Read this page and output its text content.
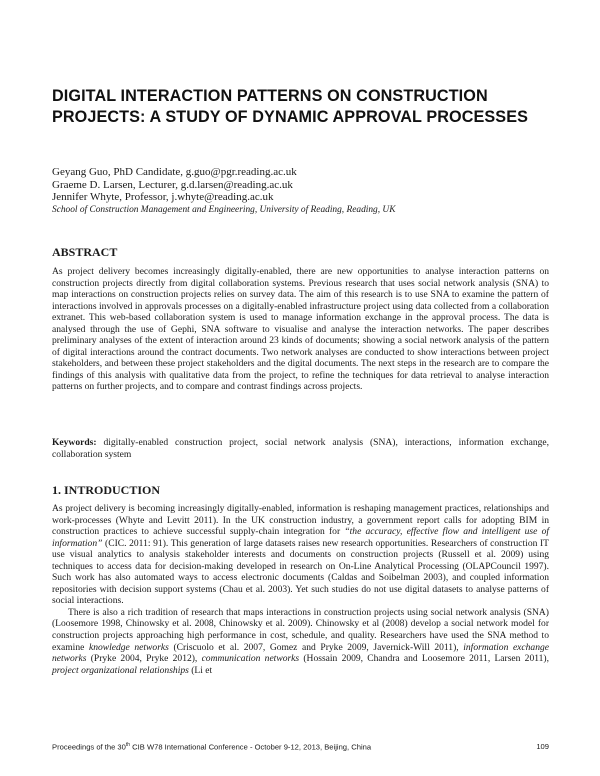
DIGITAL INTERACTION PATTERNS ON CONSTRUCTION PROJECTS: A STUDY OF DYNAMIC APPROVAL PROCESSES
Geyang Guo, PhD Candidate, g.guo@pgr.reading.ac.uk
Graeme D. Larsen, Lecturer, g.d.larsen@reading.ac.uk
Jennifer Whyte, Professor, j.whyte@reading.ac.uk
School of Construction Management and Engineering, University of Reading, Reading, UK
ABSTRACT

As project delivery becomes increasingly digitally-enabled, there are new opportunities to analyse interaction patterns on construction projects directly from digital collaboration systems. Previous research that uses social network analysis (SNA) to map interactions on construction projects relies on survey data. The aim of this research is to use SNA to examine the pattern of interactions involved in approvals processes on a digitally-enabled infrastructure project using data collected from a collaboration extranet. This web-based collaboration system is used to manage information exchange in the approval process. The data is analysed through the use of Gephi, SNA software to visualise and analyse the interaction networks. The paper describes preliminary analyses of the extent of interaction around 23 kinds of documents; showing a social network analysis of the pattern of digital interactions around the contract documents. Two network analyses are conducted to show interactions between project stakeholders, and between these project stakeholders and the digital documents. The next steps in the research are to compare the findings of this analysis with qualitative data from the project, to refine the techniques for data retrieval to analyse interaction patterns on further projects, and to compare and contrast findings across projects.

Keywords: digitally-enabled construction project, social network analysis (SNA), interactions, information exchange, collaboration system

1. INTRODUCTION

As project delivery is becoming increasingly digitally-enabled, information is reshaping management practices, relationships and work-processes (Whyte and Levitt 2011). In the UK construction industry, a government report calls for adopting BIM in construction practices to achieve successful supply-chain integration for “the accuracy, effective flow and intelligent use of information” (CIC. 2011: 91). This generation of large datasets raises new research opportunities. Researchers of construction IT use visual analytics to analysis stakeholder interests and documents on construction projects (Russell et al. 2009) using techniques to access data for decision-making developed in research on On-Line Analytical Processing (OLAPCouncil 1997). Such work has also automated ways to access electronic documents (Caldas and Soibelman 2003), and coupled information repositories with decision support systems (Chau et al. 2003). Yet such studies do not use digital datasets to analyse patterns of social interactions.

There is also a rich tradition of research that maps interactions in construction projects using social network analysis (SNA) (Loosemore 1998, Chinowsky et al. 2008, Chinowsky et al. 2009). Chinowsky et al (2008) develop a social network model for construction projects approaching high performance in cost, schedule, and quality. Researchers have used the SNA method to examine knowledge networks (Criscuolo et al. 2007, Gomez and Pryke 2009, Javernick-Will 2011), information exchange networks (Pryke 2004, Pryke 2012), communication networks (Hossain 2009, Chandra and Loosemore 2011, Larsen 2011), project organizational relationships (Li et

Proceedings of the 30th CIB W78 International Conference - October 9-12, 2013, Beijing, China	109
